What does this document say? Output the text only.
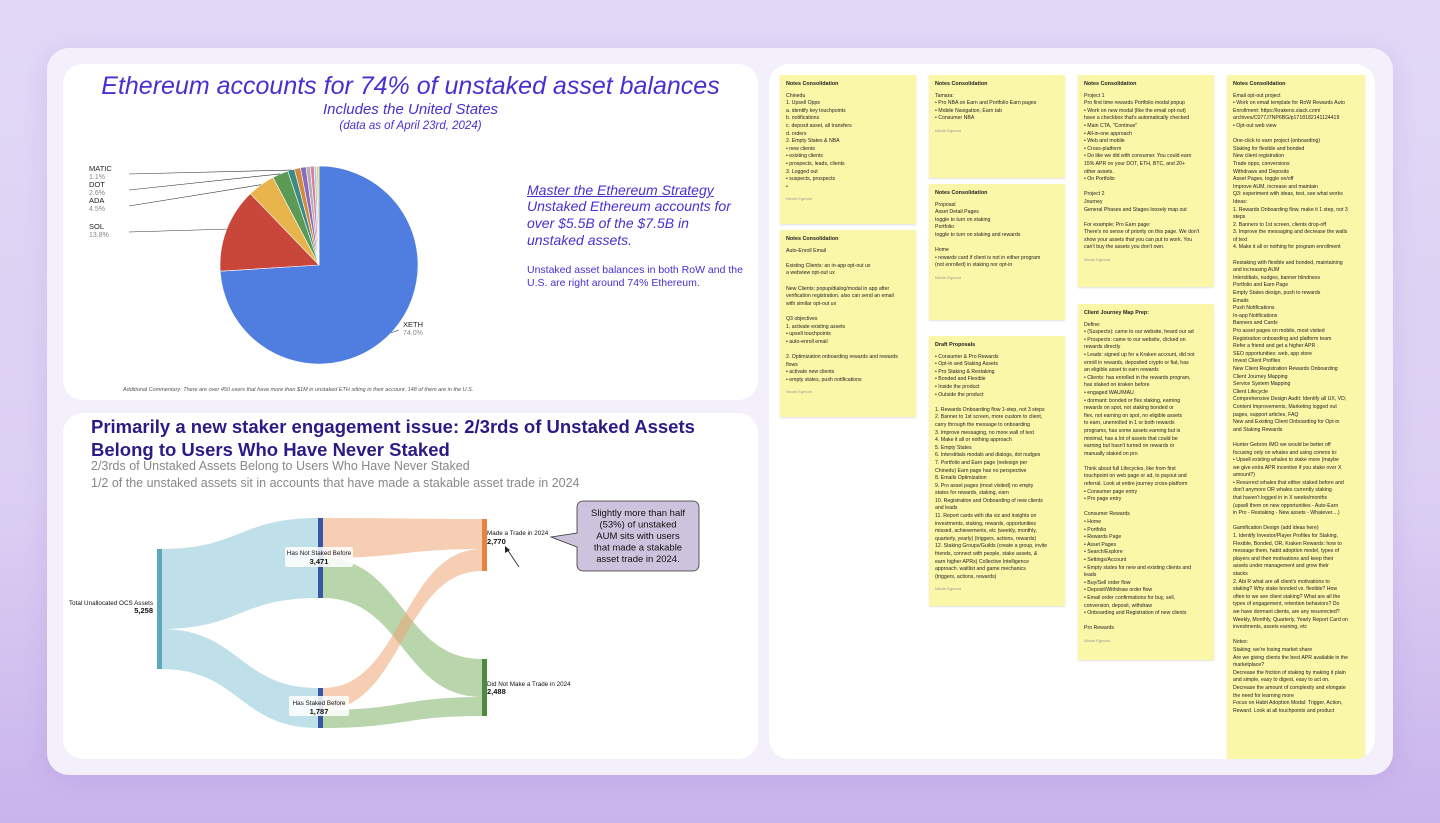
Ethereum accounts for 74% of unstaked asset balances
Includes the United States
(data as of April 23rd, 2024)
XETH
74.0%
SOL
13.8%
ADA
4.5%
DOT
2.6%
MATIC
1.1%
Master the Ethereum Strategy
Unstaked Ethereum accounts for over $5.5B of the $7.5B in unstaked assets.
Unstaked asset balances in both RoW and the U.S. are right around 74% Ethereum.
Additional Commentary: There are over 450 users that have more than $1M in unstaked ETH sitting in their account. 148 of them are in the U.S.
Primarily a new staker engagement issue: 2/3rds of Unstaked Assets Belong to Users Who Have Never Staked
2/3rds of Unstaked Assets Belong to Users Who Have Never Staked
1/2 of the unstaked assets sit in accounts that have made a stakable asset trade in 2024
Total Unallocated OCS Assets
5,258
Has Not Staked Before
3,471
Has Staked Before
1,787
Made a Trade in 2024
2,770
Did Not Make a Trade in 2024
2,488
Slightly more than half
(53%) of unstaked
AUM sits with users
that made a stakable
asset trade in 2024.
Notes Consolidation
Chinedu
1. Upsell Opps
a. identify key touchpoints
b. notifications
c. deposit asset, all transfers
d. orders
2. Empty States & NBA
• new clients
• existing clients
• prospects, leads, clients
3. Logged out
• suspects, prospects
•
Nicole Egmont
Notes Consolidation
Auto-Enroll Email

Existing Clients: an in-app opt-out ux
a webview opt-out ux

New Clients: popup/dialog/modal in app after
verification registration. also can send an email
with similar opt-out ux

Q3 objectives
1. activate existing assets
• upsell touchpoints
• auto-enroll email

2. Optimization onboarding rewards and rewards
flows
• activate new clients
• empty states, push notifications
Nicole Egmont
Notes Consolidation
Tamara:
• Pro NBA on Earn and Portfolio Earn pages
• Mobile Navigation, Earn tab
• Consumer NBA
Nicole Egmont
Notes Consolidation
Proposal
Asset Detail Pages
toggle to turn on staking
Portfolio
toggle to turn on staking and rewards

Home
• rewards card if client is not in either program
(not enrolled) in staking nor opt-in
Nicole Egmont
Draft Proposals
• Consumer & Pro Rewards
• Opt-in and Staking Assets
• Pro Staking & Restaking
• Bonded and Flexible
• Inside the product
• Outside the product

1. Rewards Onboarding flow 1-step, not 3 steps
2. Banner to 1st screen, more custom to client,
carry through the message to onboarding
3. Improve messaging, no more wall of text
4. Make it all or nothing approach
5. Empty States
6. Interstitials modals and dialogs, dot nudges
7. Portfolio and Earn page (redesign per
Chinedu) Earn page has no perspective
8. Emails Optimization
9. Pro asset pages (most visited) no empty
states for rewards, staking, earn
10. Registration and Onboarding of new clients
and leads
11. Report cards with dta viz and insights on
investments, staking, rewards, opportunities
missed, achievements, etc (weekly, monthly,
quarterly, yearly) (triggers, actions, rewards)
12. Staking Groups/Guilds (create a group, invite
friends, connect with people, stake assets, &
earn higher APRs) Collective Intelligence
approach. waitlist and game mechanics
(triggers, actions, rewards)
Nicole Egmont
Notes Consolidation
Project 1
Pro first time rewards Portfolio modal popup
• Work on new modal (like the email opt-out)
have a checkbox that's automatically checked
• Main CTA, "Continue"
• All-in-one approach
• Web and mobile
• Cross-platform
• Do like we did with consumer. You could earn
15% APR on your DOT, ETH, BTC, and 20+
other assets.
• On Portfolio

Project 2
Journey
General Phases and Stages loosely map out

For example; Pro Earn page:
There's no sense of priority on this page. We don't
show your assets that you can put to work. You
can't buy the assets you don't own.
Nicole Egmont
Client Journey Map Prep:
Define:
• (Suspects): came to our website, heard our ad
• Prospects: came to our website, clicked on
rewards directly
• Leads: signed up for a Kraken account, did not
enroll in rewards, deposited crypto or fiat, has
an eligible asset to earn rewards
• Clients: has enrolled in the rewards program,
has staked on kraken before
• engaged WAU/MAU
• dormant: bonded or flex staking, earning
rewards on spot, not staking bonded or
flex, not earning on spot, no eligible assets
to earn, unenrolled in 1 or both rewards
programs, has some assets earning but is
minimal, has a lot of assets that could be
earning but hasn't turned on rewards or
manually staked on pro

Think about full Lifecycles, like from first
touchpoint on web page or ad, to payout and
referral. Look at entire journey cross-platform
• Consumer page entry
• Pro page entry

Consumer Rewards
• Home
• Portfolio
• Rewards Page
• Asset Pages
• Search/Explore
• Settings/Account
• Empty states for new and existing clients and
leads
• Buy/Sell order flow
• Deposit/Withdraw order flow
• Email order confirmations for buy, sell,
conversion, deposit, withdraw
• Onboarding and Registration of new clients

Pro Rewards
Nicole Egmont
Notes Consolidation
Email opt-out project
• Work on email template for RoW Rewards Auto
Enrollment: https://krakenx.slack.com/
archives/C077J7NP6BG/p1718182141124419
• Opt-out web view

One-click to earn project (onboarding)
Staking for flexible and bonded
New client registration
Trade opps, conversions
Withdraws and Deposits
Asset Pages, toggle on/off
Improve AUM, increase and maintain
Q3: experiment with ideas, test, see what works
Ideas:
1. Rewards Onboarding flow, make it 1 step, not 3
steps
2. Banners to 1st screen, clients drop-off
3. Improve the messaging and decrease the walls
of text
4. Make it all or nothing for program enrollment

Restaking with flexible and bonded, maintaining
and increasing AUM
Interstitials, nudges, banner blindness
Portfolio and Earn Page
Empty States design, push to rewards
Emails
Push Notifications
In-app Notifications
Banners and Cards
Pro asset pages on mobile, most visited
Registration onboarding and platform team
Refer a friend and get a higher APR
SEO opportunities: web, app store
Invest Client Profiles
New Client Registration Rewards Onboarding
Client Journey Mapping
Service System Mapping
Client Lifecycle
Comprehensive Design Audit: Identify all UX, VD,
Content Improvements, Marketing logged out
pages, support articles, FAQ
New and Existing Client Onboarding for Opt-in
and Staking Rewards

Hunter Gebron IMO we would be better off
focusing only on whales and using comms to:
• Upsell existing whales to stake more (maybe
we give extra APR incentive if you stake over X
amount?)
• Resurrect whales that either staked before and
don't anymore OR whales currently staking
that haven't logged in in X weeks/months
(upsell them on new opportunities - Auto-Earn
in Pro - Restaking - New assets - Whatever....)

Gamification Design (add ideas here)
1. Identify Investor/Player Profiles for Staking,
Flexible, Bonded, OR, Kraken Rewards: how to
message them, habit adoption model, types of
players and their motivations and keep their
assets under management and grow their
stacks
2. Abi R what are all client's motivations to
staking? Why stake bonded vs. flexible? How
often to we see client staking? What are all the
types of engagement, retention behaviors? Do
we have dormant clients, are any resurrected?
Weekly, Monthly, Quarterly, Yearly Report Card on
investments, assets earning, etc

Notes:
Staking; we're losing market share
Are we giving clients the best APR available in the
marketplace?
Decrease the friction of staking by making it plain
and simple, easy to digest, easy to act on.
Decrease the amount of complexity and elongate
the need for learning more
Focus on Habit Adoption Modal: Trigger, Action,
Reward. Look at all touchpoints and product
